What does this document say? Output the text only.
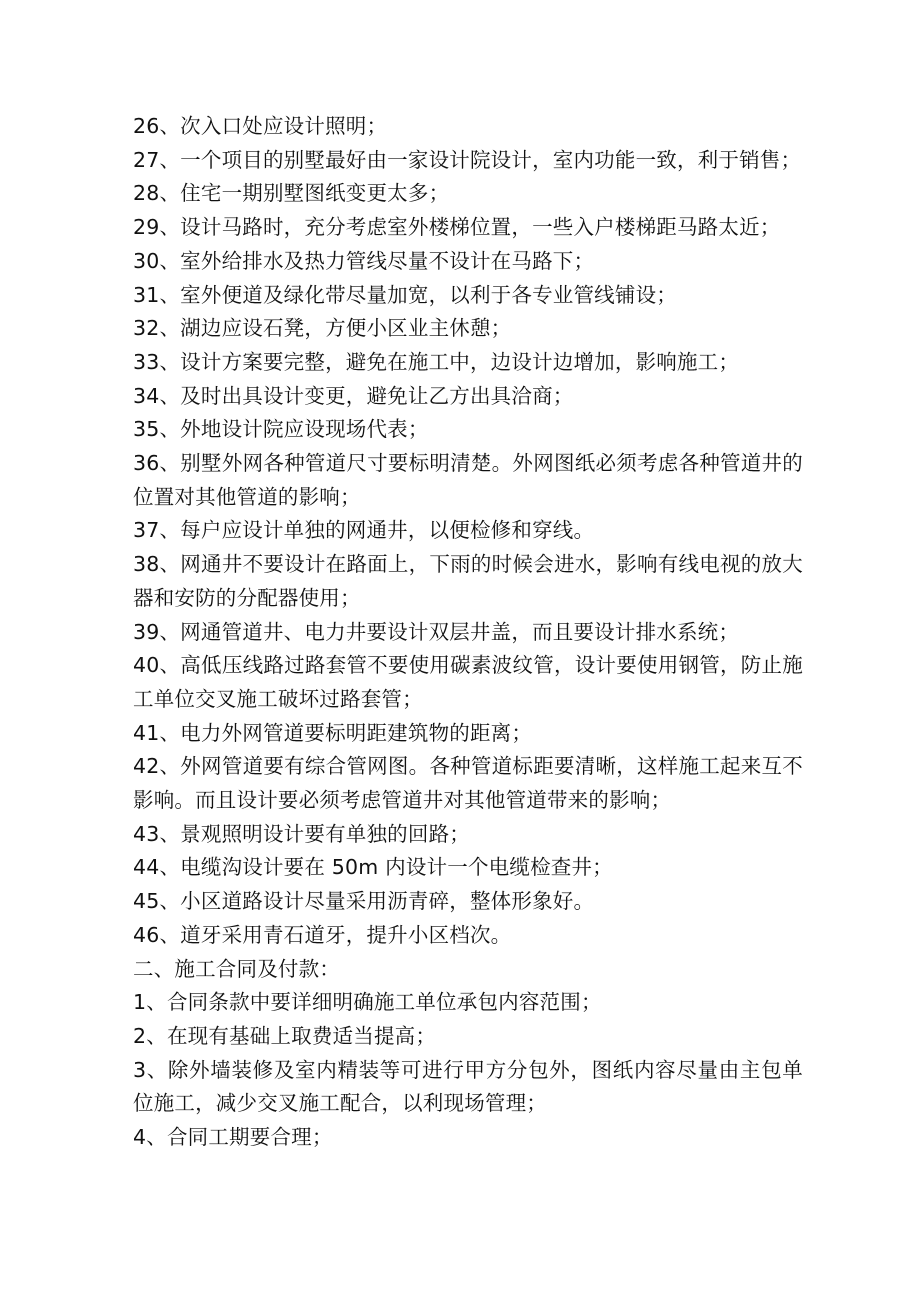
26、次入口处应设计照明；

27、一个项目的别墅最好由一家设计院设计，室内功能一致，利于销售；

28、住宅一期别墅图纸变更太多；

29、设计马路时，充分考虑室外楼梯位置，一些入户楼梯距马路太近；

30、室外给排水及热力管线尽量不设计在马路下；

31、室外便道及绿化带尽量加宽，以利于各专业管线铺设；

32、湖边应设石凳，方便小区业主休憩；

33、设计方案要完整，避免在施工中，边设计边增加，影响施工；

34、及时出具设计变更，避免让乙方出具洽商；

35、外地设计院应设现场代表；

36、别墅外网各种管道尺寸要标明清楚。外网图纸必须考虑各种管道井的位置对其他管道的影响；

37、每户应设计单独的网通井，以便检修和穿线。

38、网通井不要设计在路面上，下雨的时候会进水，影响有线电视的放大器和安防的分配器使用；

39、网通管道井、电力井要设计双层井盖，而且要设计排水系统；

40、高低压线路过路套管不要使用碳素波纹管，设计要使用钢管，防止施工单位交叉施工破坏过路套管；

41、电力外网管道要标明距建筑物的距离；

42、外网管道要有综合管网图。各种管道标距要清晰，这样施工起来互不影响。而且设计要必须考虑管道井对其他管道带来的影响；

43、景观照明设计要有单独的回路；

44、电缆沟设计要在 50m 内设计一个电缆检查井；

45、小区道路设计尽量采用沥青碎，整体形象好。

46、道牙采用青石道牙，提升小区档次。

二、施工合同及付款：

1、合同条款中要详细明确施工单位承包内容范围；

2、在现有基础上取费适当提高；

3、除外墙装修及室内精装等可进行甲方分包外，图纸内容尽量由主包单位施工，减少交叉施工配合，以利现场管理；

4、合同工期要合理；
